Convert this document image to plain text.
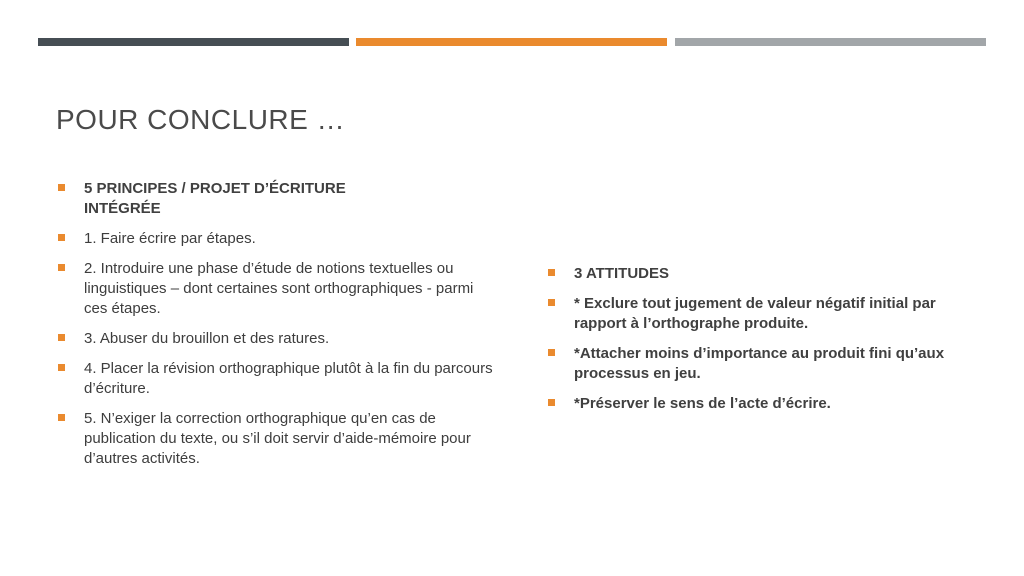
POUR CONCLURE …
5 PRINCIPES / PROJET D’ÉCRITURE INTÉGRÉE
1. Faire écrire par étapes.
2. Introduire une phase d’étude de notions textuelles ou linguistiques – dont certaines sont orthographiques - parmi ces étapes.
3. Abuser du brouillon et des ratures.
4. Placer la révision orthographique plutôt à la fin du parcours d’écriture.
5. N’exiger la correction orthographique qu’en cas de publication du texte, ou s’il doit servir d’aide-mémoire pour d’autres activités.
3 ATTITUDES
* Exclure tout jugement de valeur négatif initial par rapport à l’orthographe produite.
*Attacher moins d’importance au produit fini qu’aux processus en jeu.
*Préserver le sens de l’acte d’écrire.
